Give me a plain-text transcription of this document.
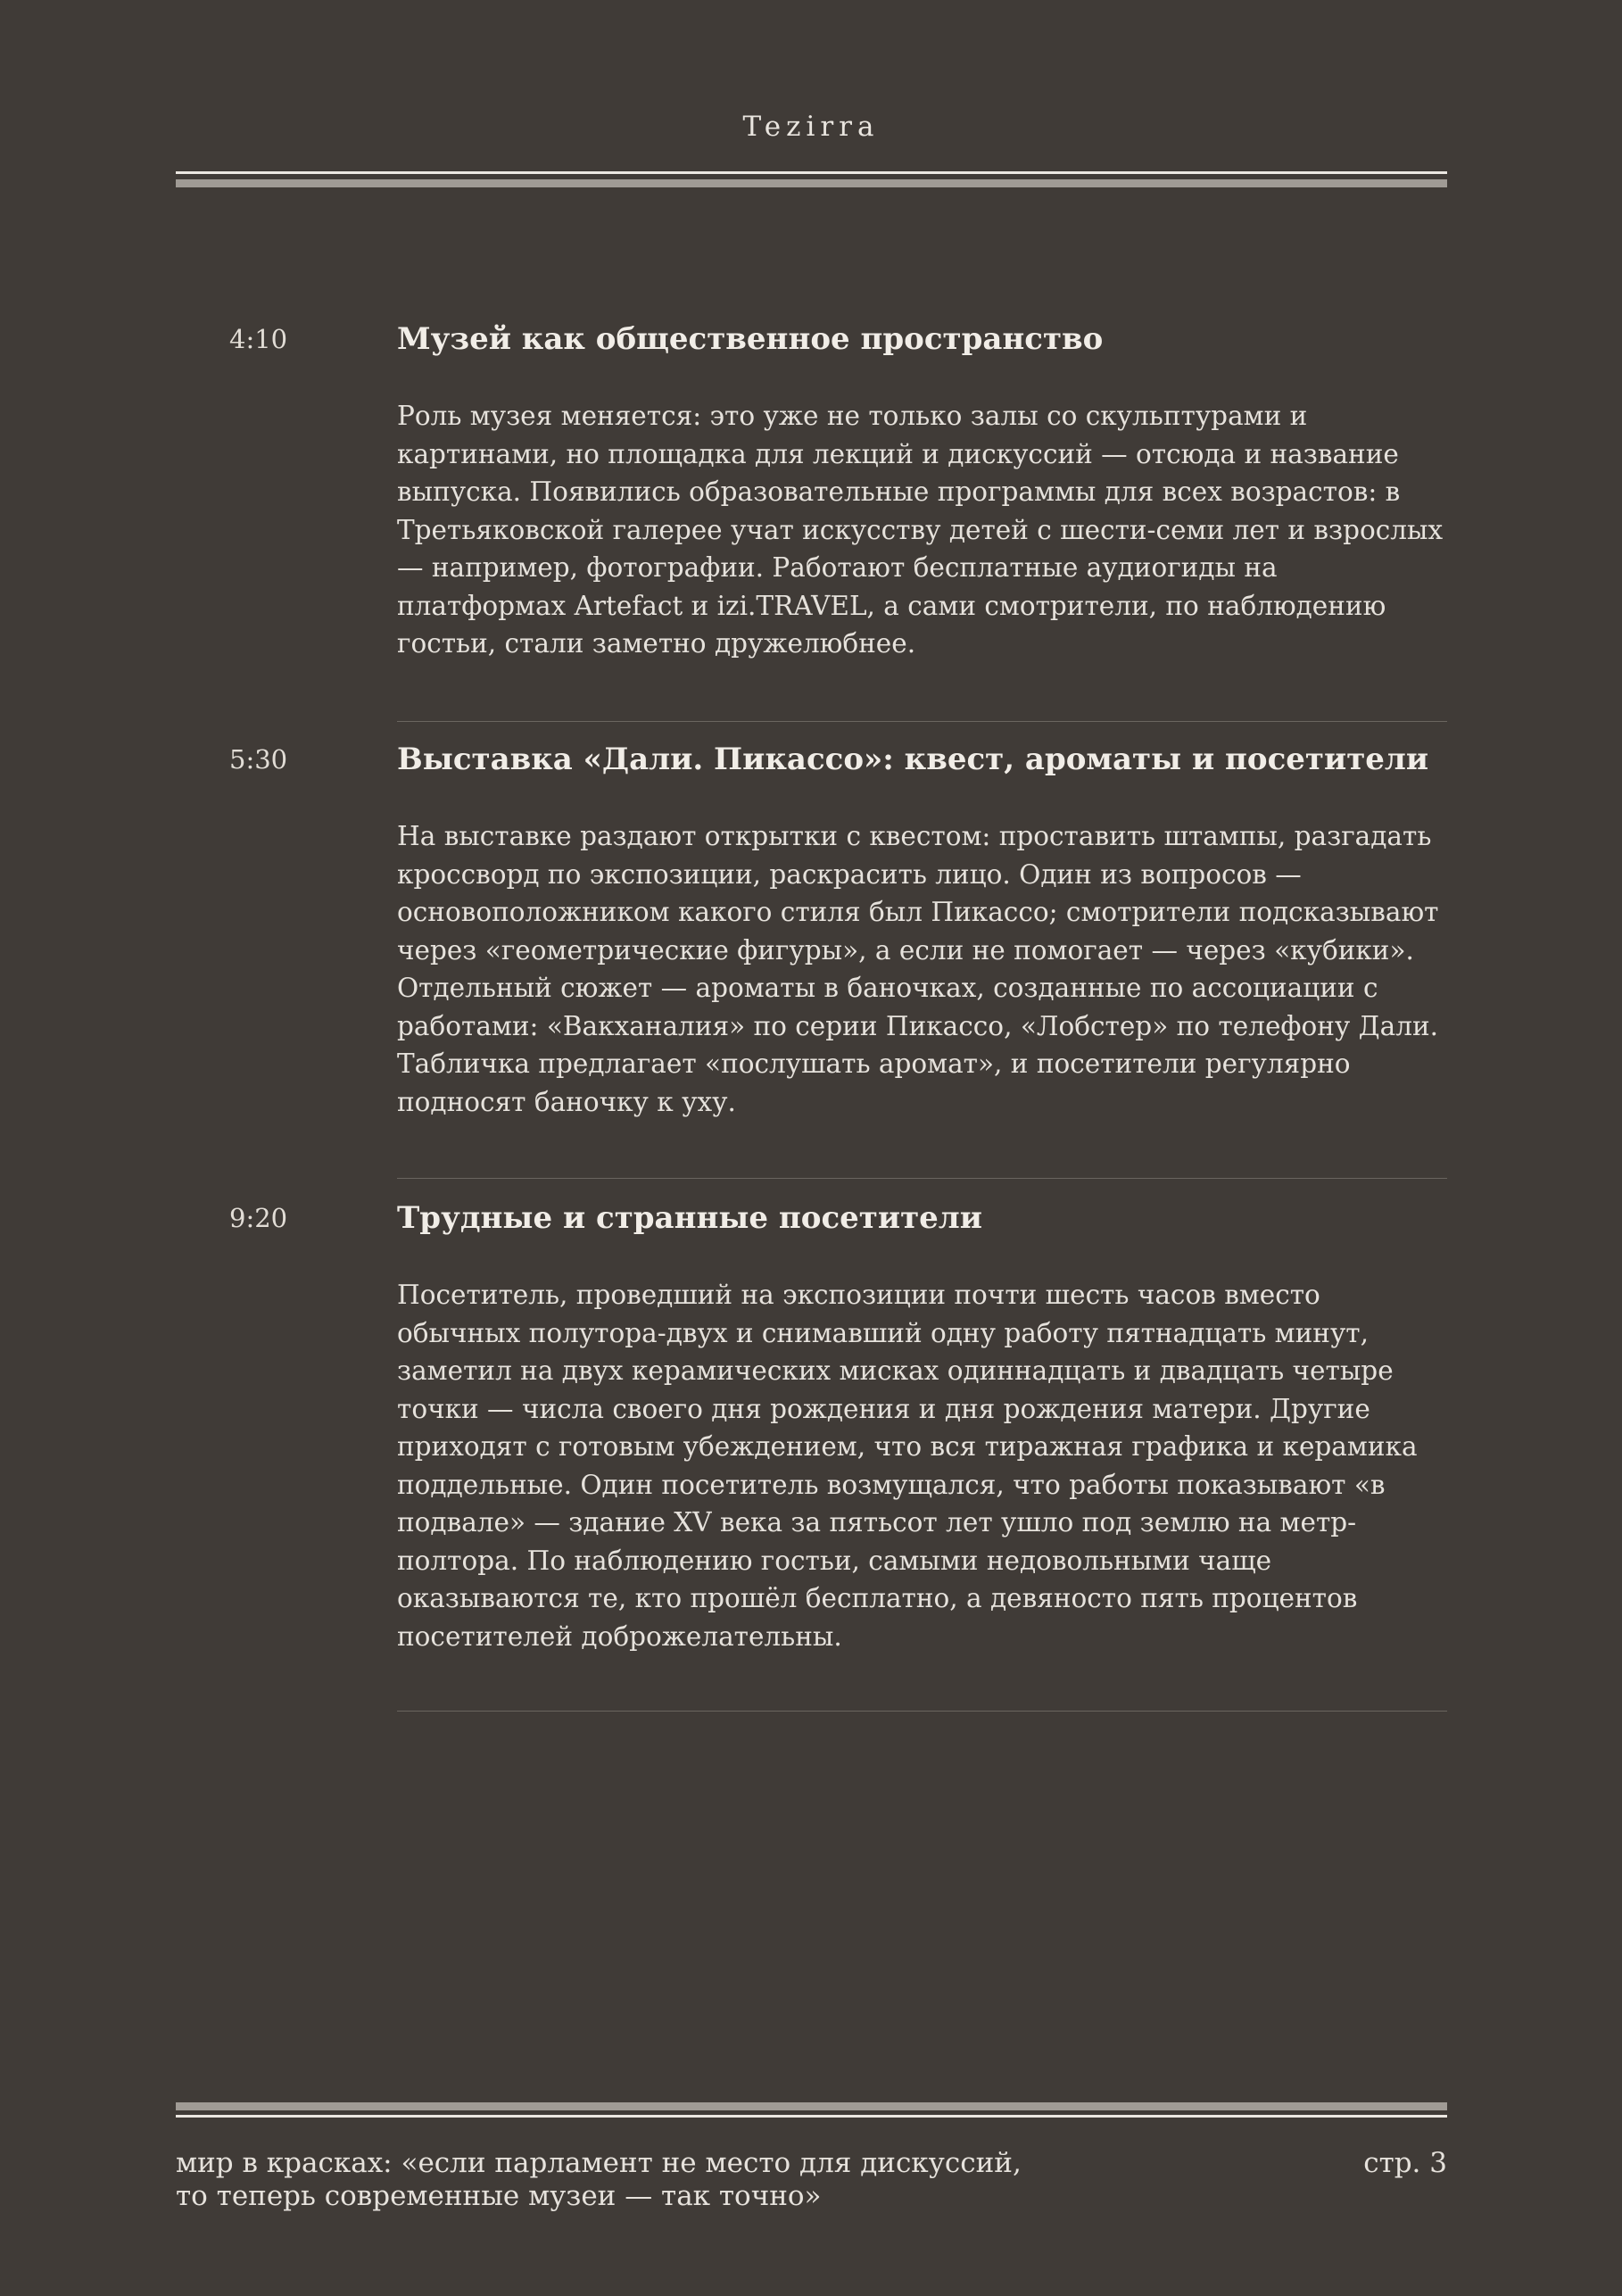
Tezirra
4:10	Музей как общественное пространство
Роль музея меняется: это уже не только залы со скульптурами и картинами, но площадка для лекций и дискуссий — отсюда и название выпуска. Появились образовательные программы для всех возрастов: в Третьяковской галерее учат искусству детей с шести-семи лет и взрослых — например, фотографии. Работают бесплатные аудиогиды на платформах Artefact и izi.TRAVEL, а сами смотрители, по наблюдению гостьи, стали заметно дружелюбнее.
5:30	Выставка «Дали. Пикассо»: квест, ароматы и посетители
На выставке раздают открытки с квестом: проставить штампы, разгадать кроссворд по экспозиции, раскрасить лицо. Один из вопросов — основоположником какого стиля был Пикассо; смотрители подсказывают через «геометрические фигуры», а если не помогает — через «кубики». Отдельный сюжет — ароматы в баночках, созданные по ассоциации с работами: «Вакханалия» по серии Пикассо, «Лобстер» по телефону Дали. Табличка предлагает «послушать аромат», и посетители регулярно подносят баночку к уху.
9:20	Трудные и странные посетители
Посетитель, проведший на экспозиции почти шесть часов вместо обычных полутора-двух и снимавший одну работу пятнадцать минут, заметил на двух керамических мисках одиннадцать и двадцать четыре точки — числа своего дня рождения и дня рождения матери. Другие приходят с готовым убеждением, что вся тиражная графика и керамика поддельные. Один посетитель возмущался, что работы показывают «в подвале» — здание XV века за пятьсот лет ушло под землю на метр-полтора. По наблюдению гостьи, самыми недовольными чаще оказываются те, кто прошёл бесплатно, а девяносто пять процентов посетителей доброжелательны.
мир в красках: «если парламент не место для дискуссий,
то теперь современные музеи — так точно»
стр. 3
